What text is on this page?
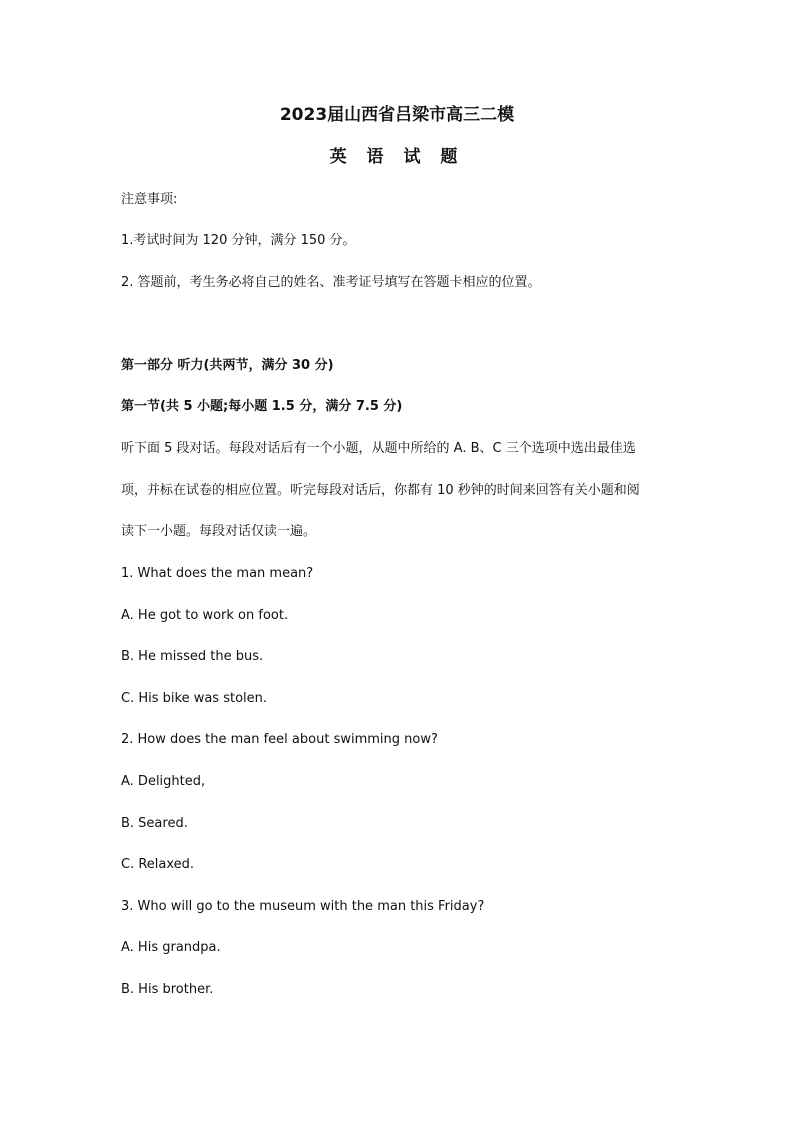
2023届山西省吕梁市高三二模
英 语 试 题
注意事项:
1.考试时间为 120 分钟，满分 150 分。
2. 答题前，考生务必将自己的姓名、准考证号填写在答题卡相应的位置。
第一部分 听力(共两节，满分 30 分)
第一节(共 5 小题;每小题 1.5 分，满分 7.5 分)
听下面 5 段对话。每段对话后有一个小题，从题中所给的 A. B、C 三个选项中选出最佳选
项，并标在试卷的相应位置。听完每段对话后，你都有 10 秒钟的时间来回答有关小题和阅
读下一小题。每段对话仅读一遍。
1. What does the man mean?
A. He got to work on foot.
B. He missed the bus.
C. His bike was stolen.
2. How does the man feel about swimming now?
A. Delighted,
B. Seared.
C. Relaxed.
3. Who will go to the museum with the man this Friday?
A. His grandpa.
B. His brother.
